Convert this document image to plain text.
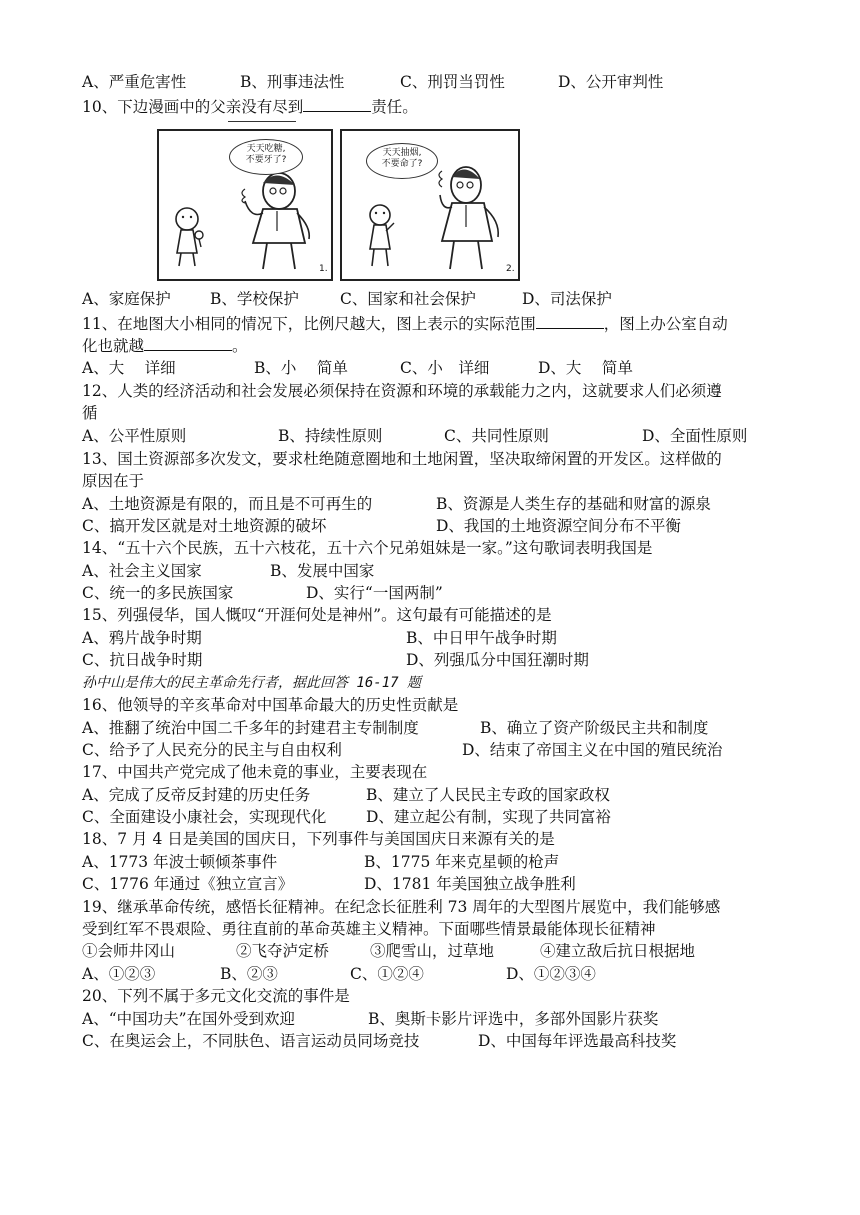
A、严重危害性	B、刑事违法性	C、刑罚当罚性	D、公开审判性
10、下边漫画中的父亲没有尽到	责任。
天天吃糖,
不要牙了?
1.
天天抽烟,
不要命了?
2.
A、家庭保护	B、学校保护	C、国家和社会保护	D、司法保护
11、在地图大小相同的情况下，比例尺越大，图上表示的实际范围	，图上办公室自动
化也就越	。
A、大　 详细	B、小　 简单	C、小　详细	D、大　 简单
12、人类的经济活动和社会发展必须保持在资源和环境的承载能力之内，这就要求人们必须遵
循
A、公平性原则	B、持续性原则	C、共同性原则	D、全面性原则
13、国土资源部多次发文，要求杜绝随意圈地和土地闲置，坚决取缔闲置的开发区。这样做的
原因在于
A、土地资源是有限的，而且是不可再生的	B、资源是人类生存的基础和财富的源泉
C、搞开发区就是对土地资源的破坏	D、我国的土地资源空间分布不平衡
14、“五十六个民族，五十六枝花，五十六个兄弟姐妹是一家。”这句歌词表明我国是
A、社会主义国家	B、发展中国家
C、统一的多民族国家	D、实行“一国两制”
15、列强侵华，国人慨叹“开涯何处是神州”。这句最有可能描述的是
A、鸦片战争时期	B、中日甲午战争时期
C、抗日战争时期	D、列强瓜分中国狂潮时期
孙中山是伟大的民主革命先行者，据此回答 16-17 题
16、他领导的辛亥革命对中国革命最大的历史性贡献是
A、推翻了统治中国二千多年的封建君主专制制度	B、确立了资产阶级民主共和制度
C、给予了人民充分的民主与自由权利	D、结束了帝国主义在中国的殖民统治
17、中国共产党完成了他未竟的事业，主要表现在
A、完成了反帝反封建的历史任务	B、建立了人民民主专政的国家政权
C、全面建设小康社会，实现现代化	D、建立起公有制，实现了共同富裕
18、7 月 4 日是美国的国庆日，下列事件与美国国庆日来源有关的是
A、1773 年波士顿倾茶事件	B、1775 年来克星顿的枪声
C、1776 年通过《独立宣言》	D、1781 年美国独立战争胜利
19、继承革命传统，感悟长征精神。在纪念长征胜利 73 周年的大型图片展览中，我们能够感
受到红军不畏艰险、勇往直前的革命英雄主义精神。下面哪些情景最能体现长征精神
①会师井冈山	②飞夺泸定桥	③爬雪山，过草地	④建立敌后抗日根据地
A、①②③	B、②③	C、①②④	D、①②③④
20、下列不属于多元文化交流的事件是
A、“中国功夫”在国外受到欢迎	B、奥斯卡影片评选中，多部外国影片获奖
C、在奥运会上，不同肤色、语言运动员同场竞技	D、中国每年评选最高科技奖
